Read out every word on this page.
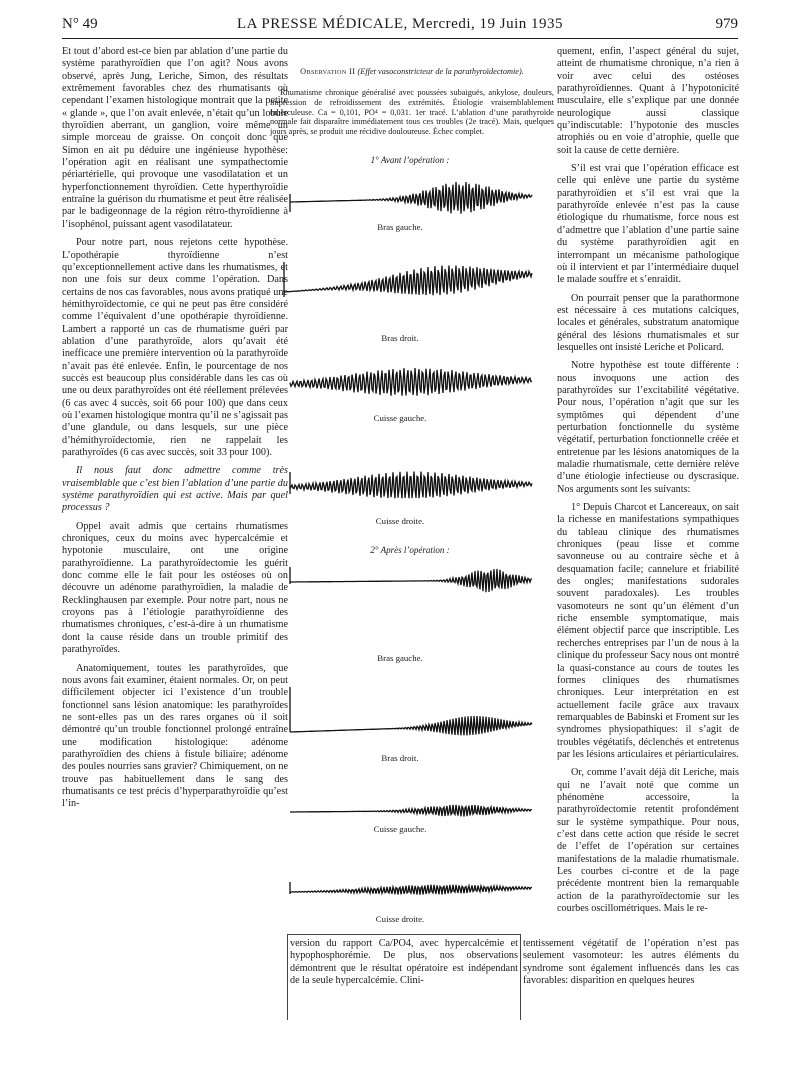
N° 49	LA PRESSE MÉDICALE, Mercredi, 19 Juin 1935	979

Et tout d’abord est-ce bien par ablation d’une partie du système parathyroïdien que l’on agit? Nous avons observé, après Jung, Leriche, Simon, des résultats extrêmement favorables chez des rhumatisants où cependant l’examen histologique montrait que la petite « glande », que l’on avait enlevée, n’était qu’un lobule thyroïdien aberrant, un ganglion, voire même un simple morceau de graisse. On conçoit donc que Simon en ait pu déduire une ingénieuse hypothèse: l’opération agit en réalisant une sympathectomie périartérielle, qui provoque une vasodilatation et un hyperfonctionnement thyroïdien. Cette hyperthyroïdie entraîne la guérison du rhumatisme et peut être réalisée par le badigeonnage de la région rétro-thyroïdienne à l’isophénol, puissant agent vasodilatateur.

Pour notre part, nous rejetons cette hypothèse. L’opothérapie thyroïdienne n’est qu’exceptionnellement active dans les rhumatismes, et non une fois sur deux comme l’opération. Dans certains de nos cas favorables, nous avons pratiqué une hémithyroïdectomie, ce qui ne peut pas être considéré comme l’équivalent d’une opothérapie thyroïdienne. Lambert a rapporté un cas de rhumatisme guéri par ablation d’une parathyroïde, alors qu’avait été inefficace une première intervention où la parathyroïde n’avait pas été enlevée. Enfin, le pourcentage de nos succès est beaucoup plus considérable dans les cas où une ou deux parathyroïdes ont été réellement prélevées (6 cas avec 4 succès, soit 66 pour 100) que dans ceux où l’examen histologique montra qu’il ne s’agissait pas d’une glandule, ou dans lesquels, sur une pièce d’hémithyroïdectomie, rien ne rappelait les parathyroïdes (6 cas avec succès, soit 33 pour 100).

Il nous faut donc admettre comme très vraisemblable que c’est bien l’ablation d’une partie du système parathyroïdien qui est active. Mais par quel processus ?

Oppel avait admis que certains rhumatismes chroniques, ceux du moins avec hypercalcémie et hypotonie musculaire, ont une origine parathyroïdienne. La parathyroïdectomie les guérit donc comme elle le fait pour les ostéoses où on découvre un adénome parathyroïdien, la maladie de Recklinghausen par exemple. Pour notre part, nous ne croyons pas à l’étiologie parathyroïdienne des rhumatismes chroniques, c’est-à-dire à un rhumatisme dont la cause réside dans un trouble primitif des parathyroïdes.

Anatomiquement, toutes les parathyroïdes, que nous avons fait examiner, étaient normales. Or, on peut difficilement objecter ici l’existence d’un trouble fonctionnel sans lésion anatomique: les parathyroïdes ne sont-elles pas un des rares organes où il soit démontré qu’un trouble fonctionnel prolongé entraîne une modification histologique: adénome parathyroïdien des chiens à fistule biliaire; adénome des poules nourries sans gravier? Chimiquement, on ne trouve pas habituellement dans le sang des rhumatisants ce test précis d’hyperparathyroïdie qu’est l’in-

Observation II (Effet vasoconstricteur de la parathyroïdectomie).

Rhumatisme chronique généralisé avec poussées subaiguës, ankylose, douleurs, impression de refroidissement des extrémités. Étiologie vraisemblablement tuberculeuse. Ca = 0,101, PO⁴ = 0,031. 1er tracé. L’ablation d’une parathyroïde normale fait disparaître immédiatement tous ces troubles (2e tracé). Mais, quelques jours après, se produit une récidive douloureuse. Échec complet.

1° Avant l’opération :
2° Après l’opération :
Bras gauche.
Bras droit.
Cuisse gauche.
Cuisse droite.
Bras gauche.
Bras droit.
Cuisse gauche.
Cuisse droite.
version du rapport Ca/PO4, avec hypercalcémie et hypophosphorémie. De plus, nos observations démontrent que le résultat opératoire est indépendant de la seule hypercalcémie. Clini-

quement, enfin, l’aspect général du sujet, atteint de rhumatisme chronique, n’a rien à voir avec celui des ostéoses parathyroïdiennes. Quant à l’hypotonicité musculaire, elle s’explique par une donnée neurologique aussi classique qu’indiscutable: l’hypotonie des muscles atrophiés ou en voie d’atrophie, quelle que soit la cause de cette dernière.

S’il est vrai que l’opération efficace est celle qui enlève une partie du système parathyroïdien et s’il est vrai que la parathyroïde enlevée n’est pas la cause étiologique du rhumatisme, force nous est d’admettre que l’ablation d’une partie saine du système parathyroïdien agit en interrompant un mécanisme pathologique où il intervient et par l’intermédiaire duquel le malade souffre et s’enraidit.

On pourrait penser que la parathormone est nécessaire à ces mutations calciques, locales et générales, substratum anatomique général des lésions rhumatismales et sur lesquelles ont insisté Leriche et Policard.

Notre hypothèse est toute différente : nous invoquons une action des parathyroïdes sur l’excitabilité végétative. Pour nous, l’opération n’agit que sur les symptômes qui dépendent d’une perturbation fonctionnelle du système végétatif, perturbation fonctionnelle créée et entretenue par les lésions anatomiques de la maladie rhumatismale, cette dernière relève d’une étiologie infectieuse ou dyscrasique. Nos arguments sont les suivants:

1° Depuis Charcot et Lancereaux, on sait la richesse en manifestations sympathiques du tableau clinique des rhumatismes chroniques (peau lisse et comme savonneuse ou au contraire sèche et à desquamation facile; cannelure et friabilité des ongles; manifestations sudorales souvent paradoxales). Les troubles vasomoteurs ne sont qu’un élément d’un riche ensemble symptomatique, mais élément objectif parce que inscriptible. Les recherches entreprises par l’un de nous à la clinique du professeur Sacy nous ont montré la quasi-constance au cours de toutes les formes cliniques des rhumatismes chroniques. Leur interprétation en est actuellement facile grâce aux travaux remarquables de Babinski et Froment sur les syndromes physiopathiques: il s’agit de troubles végétatifs, déclenchés et entretenus par les lésions articulaires et périarticulaires.

Or, comme l’avait déjà dit Leriche, mais qui ne l’avait noté que comme un phénomène accessoire, la parathyroïdectomie retentit profondément sur le système sympathique. Pour nous, c’est dans cette action que réside le secret de l’effet de l’opération sur certaines manifestations de la maladie rhumatismale. Les courbes ci-contre et de la page précédente montrent bien la remarquable action de la parathyroïdectomie sur les courbes oscillométriques. Mais le re-

tentissement végétatif de l’opération n’est pas seulement vasomoteur: les autres éléments du syndrome sont également influencés dans les cas favorables: disparition en quelques heures
